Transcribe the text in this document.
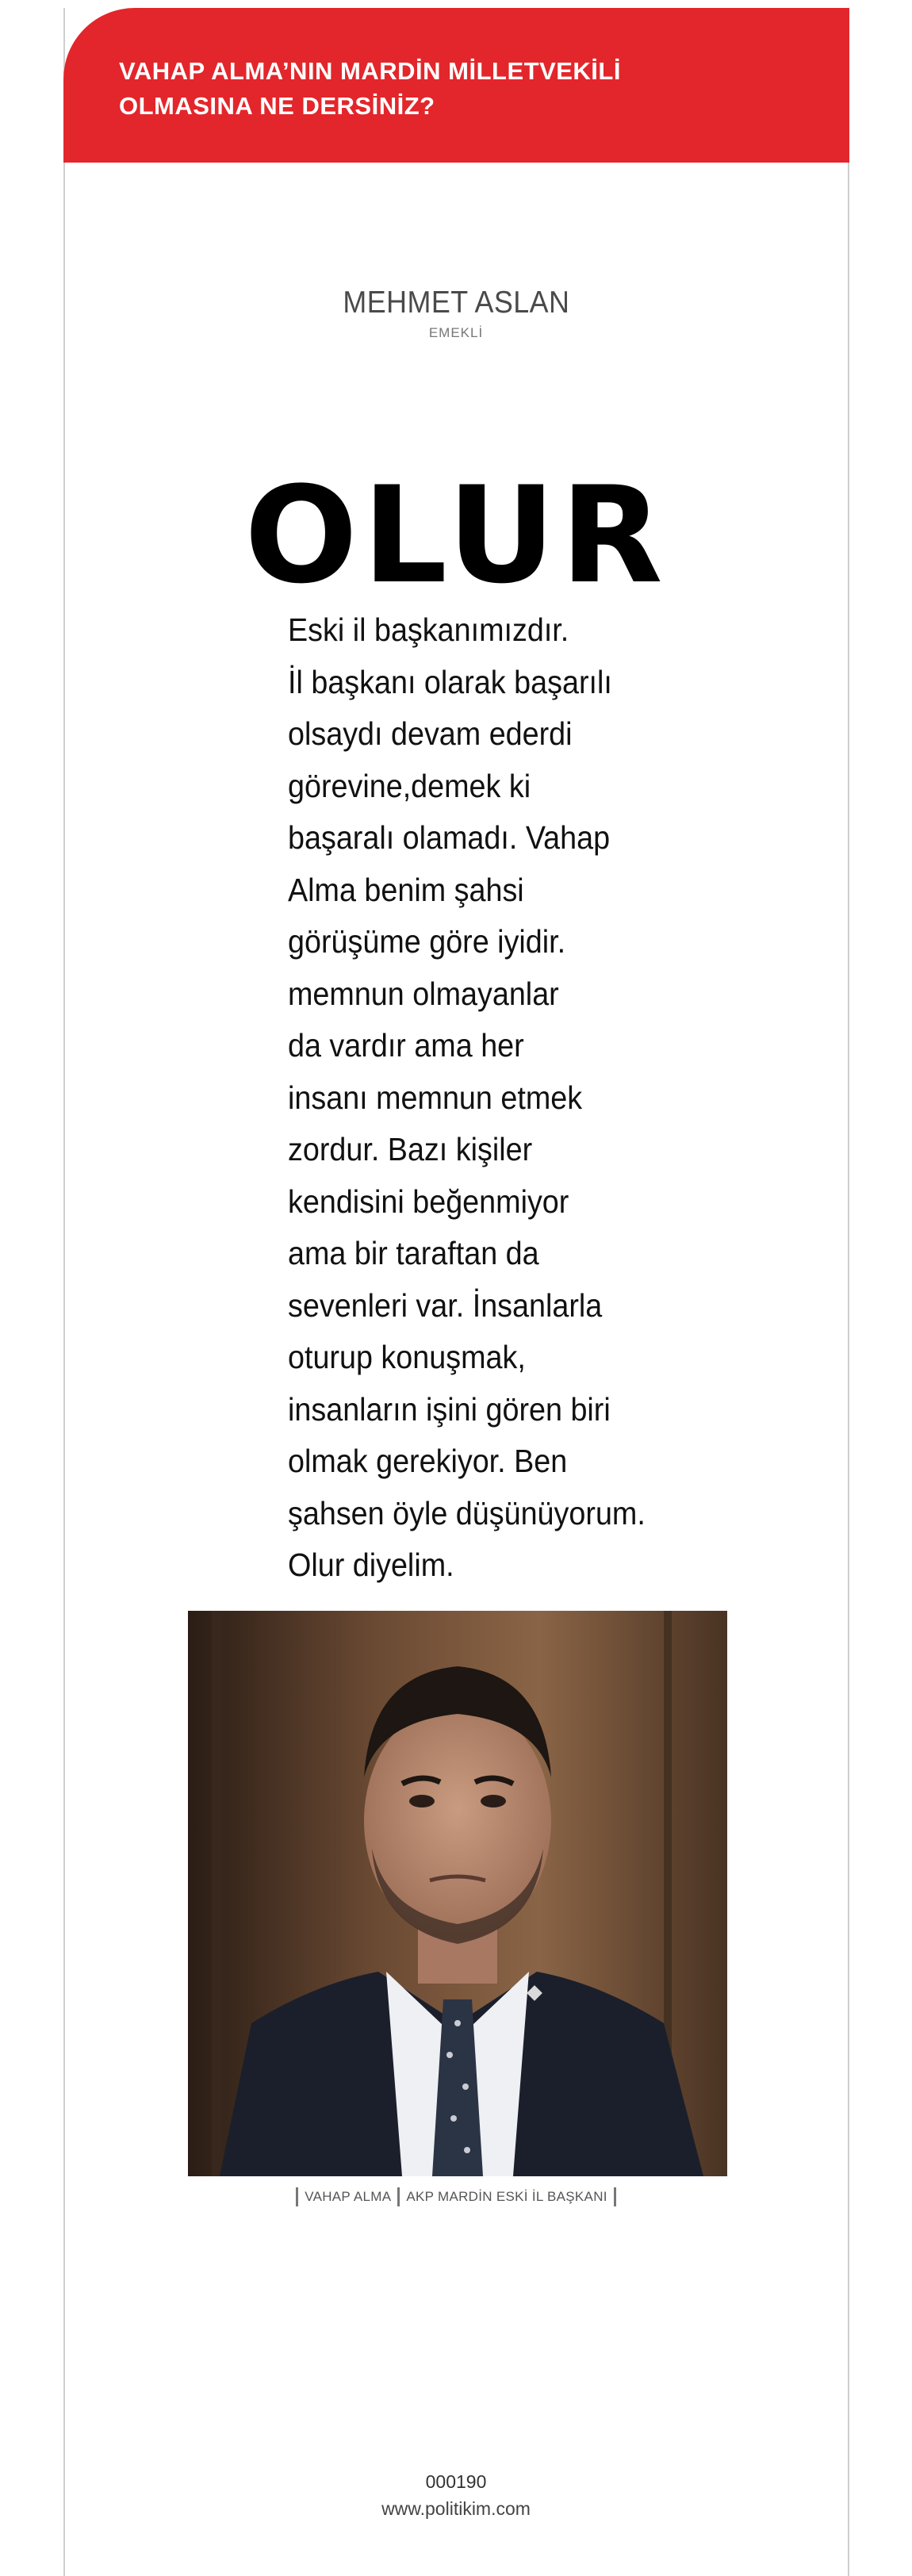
VAHAP ALMA’NIN MARDİN MİLLETVEKİLİ
OLMASINA NE DERSİNİZ?

MEHMET ASLAN
EMEKLİ
OLUR
Eski il başkanımızdır.
İl başkanı olarak başarılı
olsaydı devam ederdi
görevine,demek ki
başaralı olamadı. Vahap
Alma benim şahsi
görüşüme göre iyidir.
memnun olmayanlar
da vardır ama her
insanı memnun etmek
zordur. Bazı kişiler
kendisini beğenmiyor
ama bir taraftan da
sevenleri var. İnsanlarla
oturup konuşmak,
insanların işini gören biri
olmak gerekiyor. Ben
şahsen öyle düşünüyorum.
Olur diyelim.
VAHAP ALMA AKP MARDİN ESKİ İL BAŞKANI
000190
www.politikim.com
